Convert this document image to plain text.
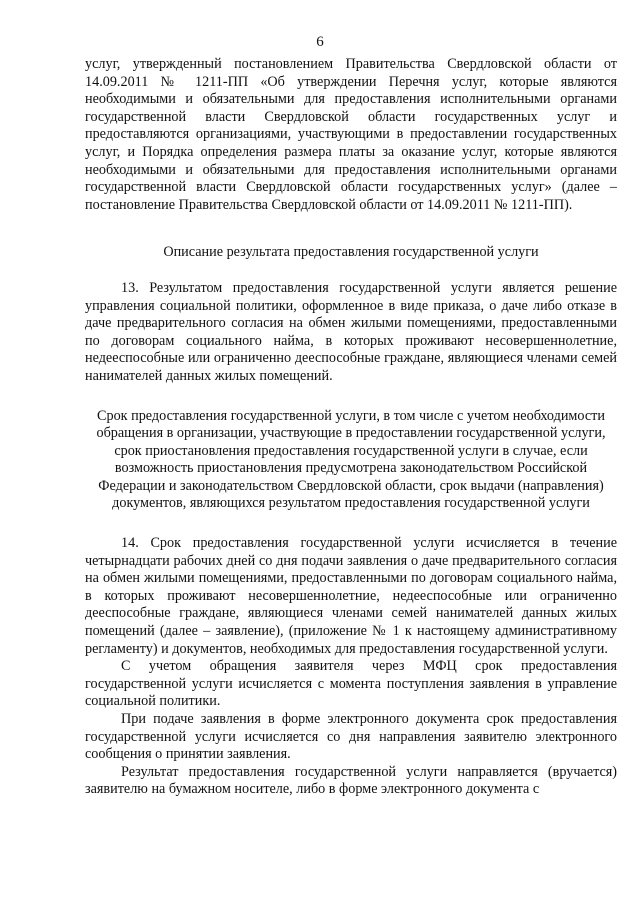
6

услуг, утвержденный постановлением Правительства Свердловской области от 14.09.2011 № 1211-ПП «Об утверждении Перечня услуг, которые являются необходимыми и обязательными для предоставления исполнительными органами государственной власти Свердловской области государственных услуг и предоставляются организациями, участвующими в предоставлении государственных услуг, и Порядка определения размера платы за оказание услуг, которые являются необходимыми и обязательными для предоставления исполнительными органами государственной власти Свердловской области государственных услуг» (далее – постановление Правительства Свердловской области от 14.09.2011 № 1211-ПП).

Описание результата предоставления государственной услуги

13. Результатом предоставления государственной услуги является решение управления социальной политики, оформленное в виде приказа, о даче либо отказе в даче предварительного согласия на обмен жилыми помещениями, предоставленными по договорам социального найма, в которых проживают несовершеннолетние, недееспособные или ограниченно дееспособные граждане, являющиеся членами семей нанимателей данных жилых помещений.

Срок предоставления государственной услуги, в том числе с учетом необходимости обращения в организации, участвующие в предоставлении государственной услуги, срок приостановления предоставления государственной услуги в случае, если возможность приостановления предусмотрена законодательством Российской Федерации и законодательством Свердловской области, срок выдачи (направления) документов, являющихся результатом предоставления государственной услуги

14. Срок предоставления государственной услуги исчисляется в течение четырнадцати рабочих дней со дня подачи заявления о даче предварительного согласия на обмен жилыми помещениями, предоставленными по договорам социального найма, в которых проживают несовершеннолетние, недееспособные или ограниченно дееспособные граждане, являющиеся членами семей нанимателей данных жилых помещений (далее – заявление), (приложение № 1 к настоящему административному регламенту) и документов, необходимых для предоставления государственной услуги.

С учетом обращения заявителя через МФЦ срок предоставления государственной услуги исчисляется с момента поступления заявления в управление социальной политики.

При подаче заявления в форме электронного документа срок предоставления государственной услуги исчисляется со дня направления заявителю электронного сообщения о принятии заявления.

Результат предоставления государственной услуги направляется (вручается) заявителю на бумажном носителе, либо в форме электронного документа с
